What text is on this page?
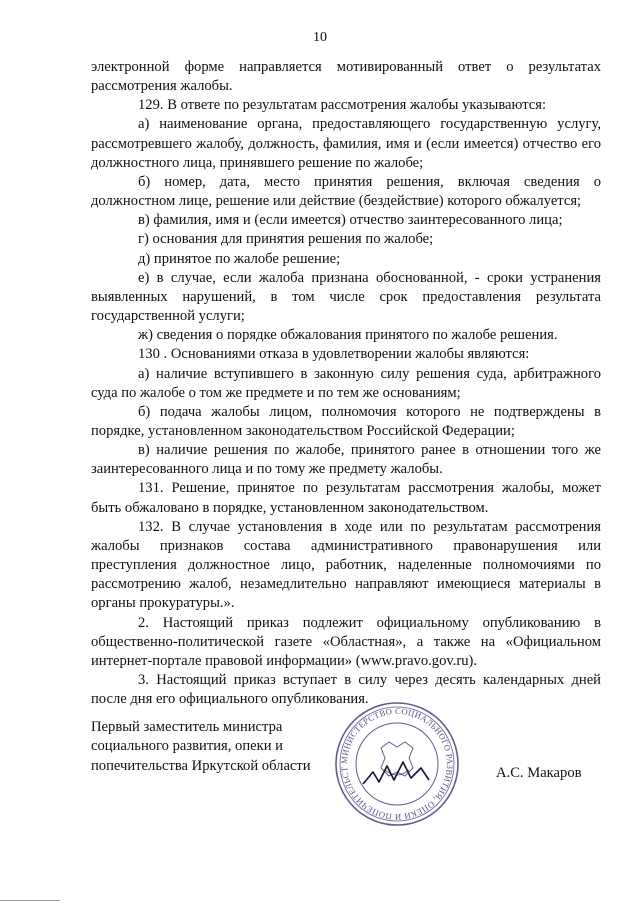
10

электронной форме направляется мотивированный ответ о результатах рассмотрения жалобы.

129. В ответе по результатам рассмотрения жалобы указываются:

а) наименование органа, предоставляющего государственную услугу, рассмотревшего жалобу, должность, фамилия, имя и (если имеется) отчество его должностного лица, принявшего решение по жалобе;

б) номер, дата, место принятия решения, включая сведения о должностном лице, решение или действие (бездействие) которого обжалуется;

в) фамилия, имя и (если имеется) отчество заинтересованного лица;

г) основания для принятия решения по жалобе;

д) принятое по жалобе решение;

е) в случае, если жалоба признана обоснованной, - сроки устранения выявленных нарушений, в том числе срок предоставления результата государственной услуги;

ж) сведения о порядке обжалования принятого по жалобе решения.

130 . Основаниями отказа в удовлетворении жалобы являются:

а) наличие вступившего в законную силу решения суда, арбитражного суда по жалобе о том же предмете и по тем же основаниям;

б) подача жалобы лицом, полномочия которого не подтверждены в порядке, установленном законодательством Российской Федерации;

в) наличие решения по жалобе, принятого ранее в отношении того же заинтересованного лица и по тому же предмету жалобы.

131. Решение, принятое по результатам рассмотрения жалобы, может быть обжаловано в порядке, установленном законодательством.

132. В случае установления в ходе или по результатам рассмотрения жалобы признаков состава административного правонарушения или преступления должностное лицо, работник, наделенные полномочиями по рассмотрению жалоб, незамедлительно направляют имеющиеся материалы в органы прокуратуры.».

2. Настоящий приказ подлежит официальному опубликованию в общественно-политической газете «Областная», а также на «Официальном интернет-портале правовой информации» (www.pravo.gov.ru).

3. Настоящий приказ вступает в силу через десять календарных дней после дня его официального опубликования.

Первый заместитель министра
социального развития, опеки и
попечительства Иркутской области	МИНИСТЕРСТВО СОЦИАЛЬНОГО РАЗВИТИЯ, ОПЕКИ И ПОПЕЧИТЕЛЬСТ	А.С. Макаров
